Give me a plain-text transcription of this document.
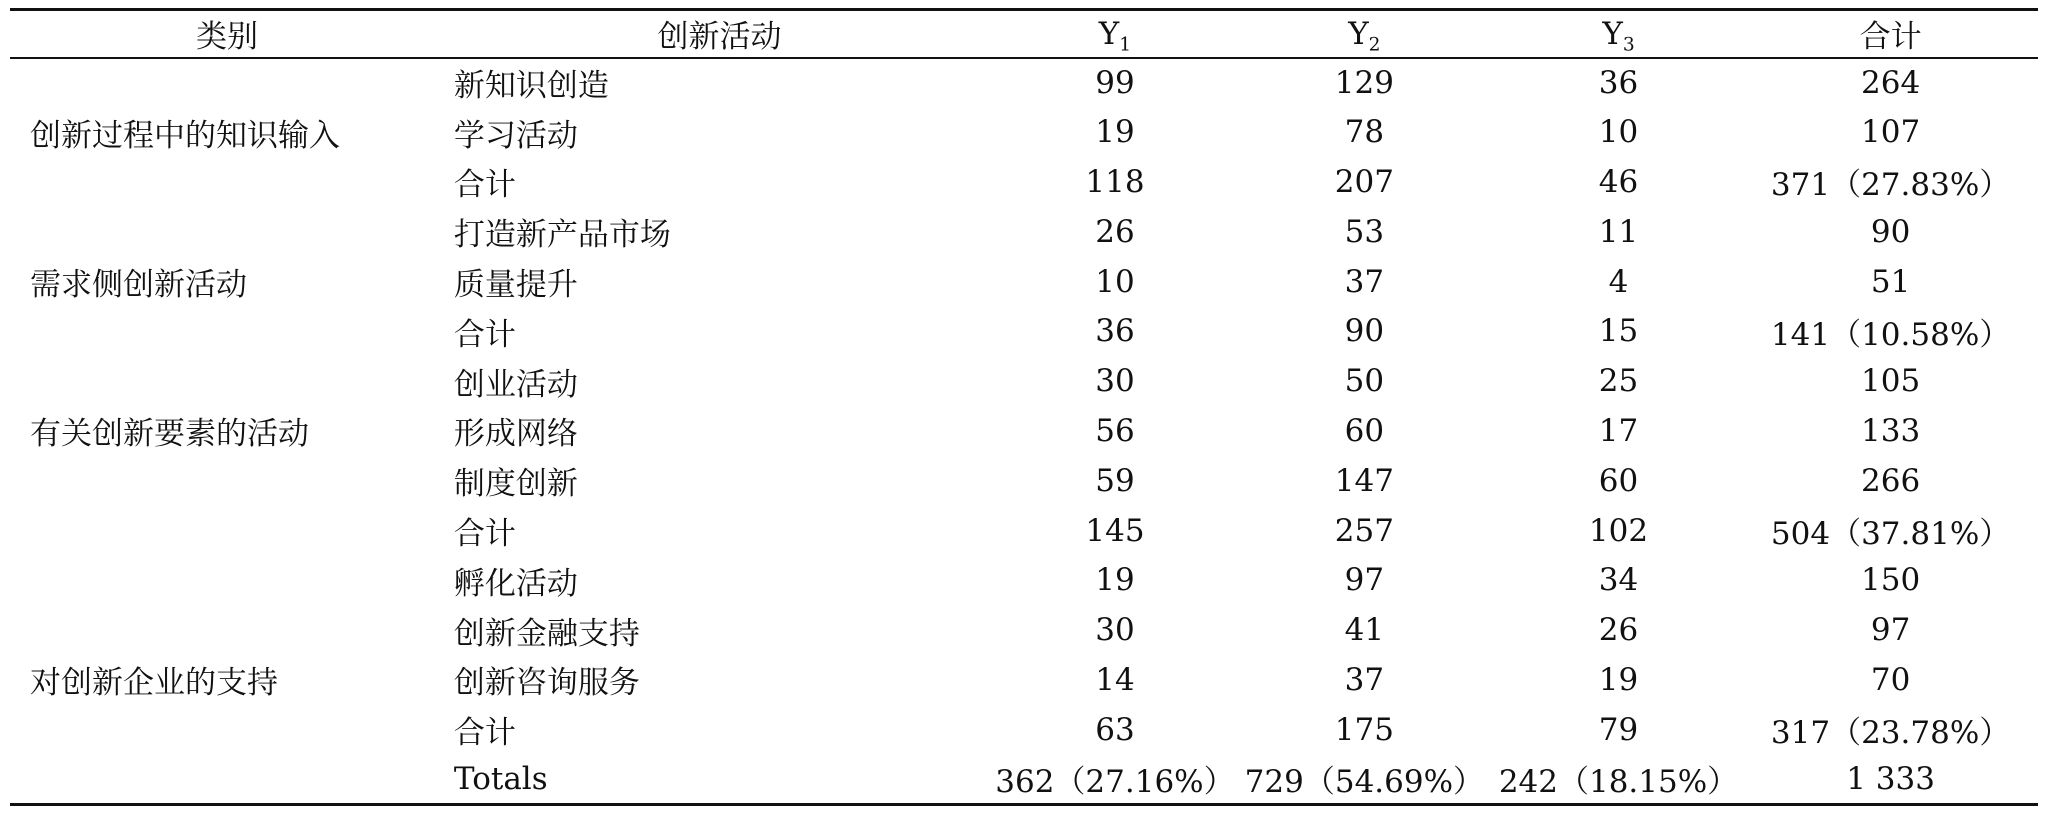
类别	创新活动	$Y_1$	$Y_2$	$Y_3$	合计
	新知识创造	99	129	36	264
创新过程中的知识输入	学习活动	19	78	10	107
	合计	118	207	46	371（27.83%）
	打造新产品市场	26	53	11	90
需求侧创新活动	质量提升	10	37	4	51
	合计	36	90	15	141（10.58%）
	创业活动	30	50	25	105
有关创新要素的活动	形成网络	56	60	17	133
	制度创新	59	147	60	266
	合计	145	257	102	504（37.81%）
	孵化活动	19	97	34	150
	创新金融支持	30	41	26	97
对创新企业的支持	创新咨询服务	14	37	19	70
	合计	63	175	79	317（23.78%）
	Totals	362（27.16%）	729（54.69%）	242（18.15%）	1 333
